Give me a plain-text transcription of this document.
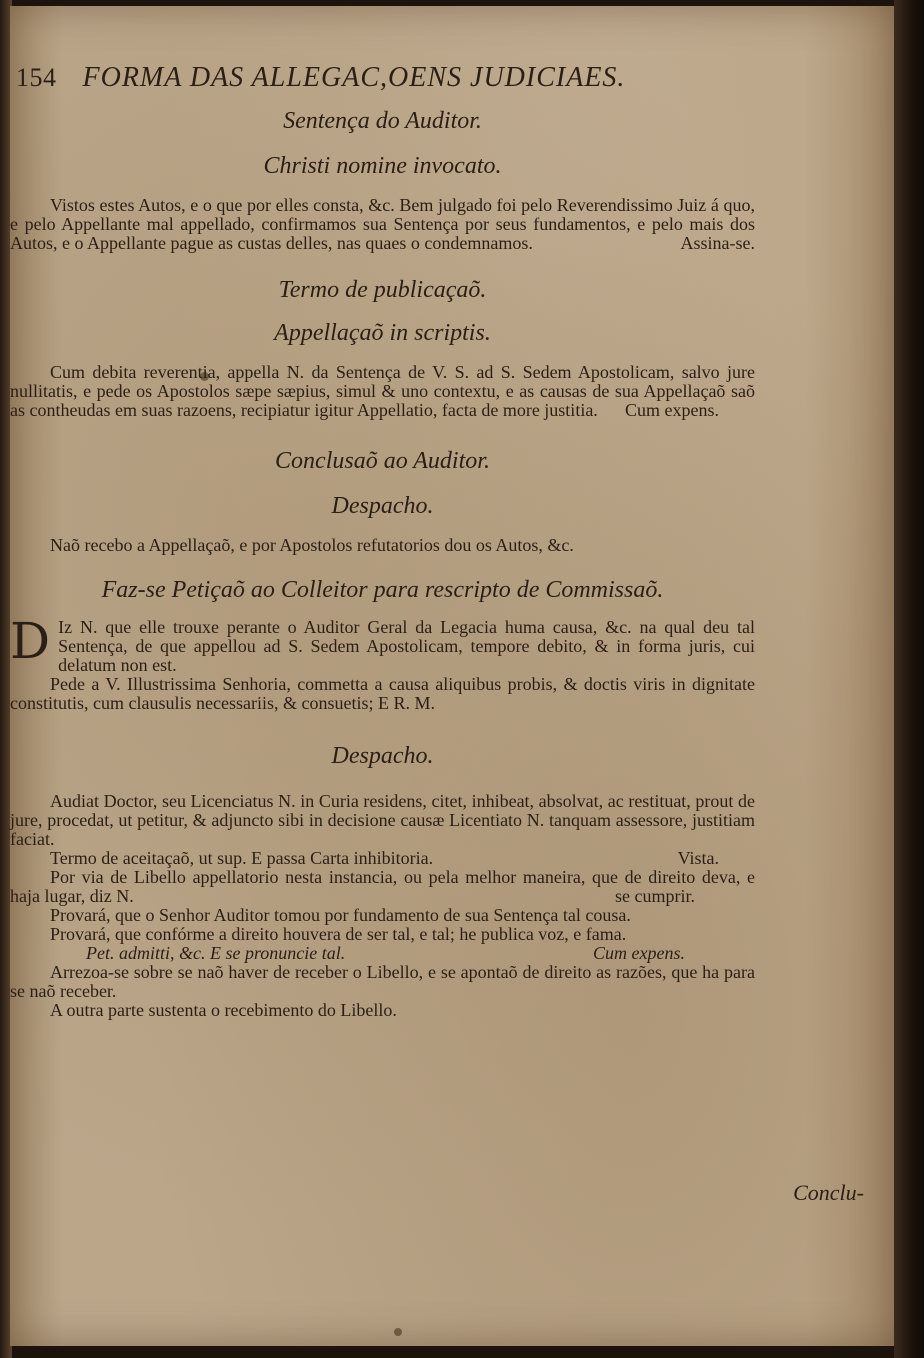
154 FORMA DAS ALLEGAC,OENS JUDICIAES.

Sentença do Auditor.

Christi nomine invocato.

Vistos estes Autos, e o que por elles consta, &c. Bem julgado foi pelo Reverendissimo Juiz á quo, e pelo Appellante mal appellado, confirmamos sua Sentença por seus fundamentos, e pelo mais dos Autos, e o Appellante pague as custas delles, nas quaes o condemnamos.	Assina-se.

Termo de publicaçaõ.

Appellaçaõ in scriptis.

Cum debita reverentia, appella N. da Sentença de V. S. ad S. Sedem Apostolicam, salvo jure nullitatis, e pede os Apostolos sæpe sæpius, simul & uno contextu, e as causas de sua Appellaçaõ saõ as contheudas em suas razoens, recipiatur igitur Appellatio, facta de more justitia.	Cum expens.

Conclusaõ ao Auditor.

Despacho.

Naõ recebo a Appellaçaõ, e por Apostolos refutatorios dou os Autos, &c.

Faz-se Petiçaõ ao Colleitor para rescripto de Commissaõ.

D Iz N. que elle trouxe perante o Auditor Geral da Legacia huma causa, &c. na qual deu tal Sentença, de que appellou ad S. Sedem Apostolicam, tempore debito, & in forma juris, cui delatum non est.

Pede a V. Illustrissima Senhoria, commetta a causa aliquibus probis, & doctis viris in dignitate constitutis, cum clausulis necessariis, & consuetis; E R. M.

Despacho.

Audiat Doctor, seu Licenciatus N. in Curia residens, citet, inhibeat, absolvat, ac restituat, prout de jure, procedat, ut petitur, & adjuncto sibi in decisione causæ Licentiato N. tanquam assessore, justitiam faciat.

Termo de aceitaçaõ, ut sup. E passa Carta inhibitoria.	Vista.

Por via de Libello appellatorio nesta instancia, ou pela melhor maneira, que de direito deva, e haja lugar, diz N.	se cumprir.

Provará, que o Senhor Auditor tomou por fundamento de sua Sentença tal cousa.

Provará, que confórme a direito houvera de ser tal, e tal; he publica voz, e fama.

Pet. admitti, &c. E se pronuncie tal.	Cum expens.

Arrezoa-se sobre se naõ haver de receber o Libello, e se apontaõ de direito as razões, que ha para se naõ receber.

A outra parte sustenta o recebimento do Libello.

Conclu-
